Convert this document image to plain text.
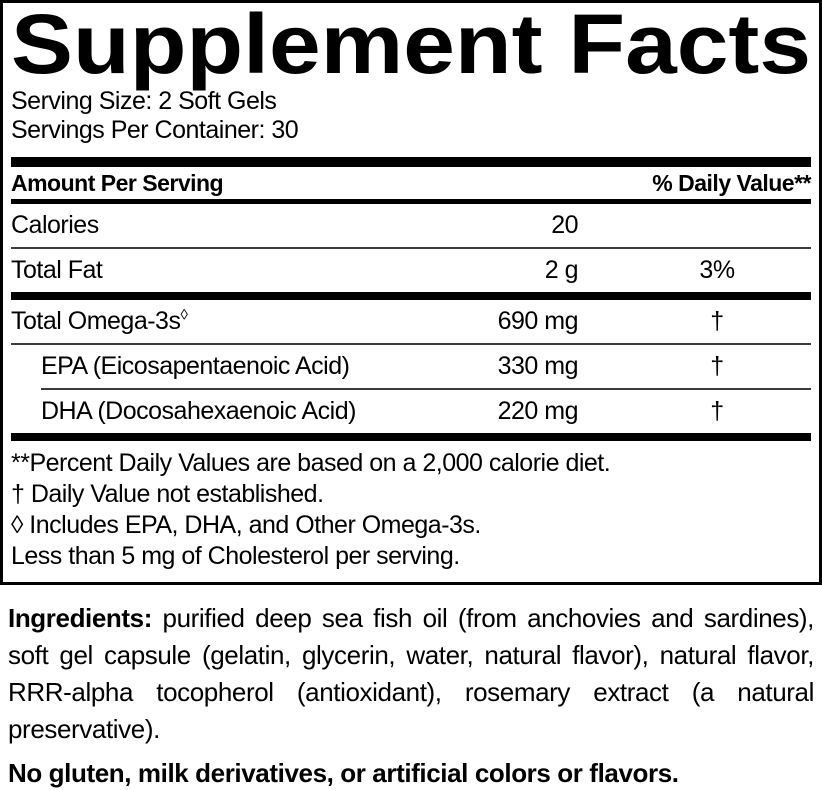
Supplement Facts
Serving Size: 2 Soft Gels
Servings Per Container: 30
Amount Per Serving	% Daily Value**
Calories	20
Total Fat	2 g	3%
Total Omega-3s◊	690 mg	†
EPA (Eicosapentaenoic Acid)	330 mg	†
DHA (Docosahexaenoic Acid)	220 mg	†
**Percent Daily Values are based on a 2,000 calorie diet.
† Daily Value not established.
◊ Includes EPA, DHA, and Other Omega-3s.
Less than 5 mg of Cholesterol per serving.

Ingredients: purified deep sea fish oil (from anchovies and sardines), soft gel capsule (gelatin, glycerin, water, natural flavor), natural flavor, RRR-alpha tocopherol (antioxidant), rosemary extract (a natural preservative).

No gluten, milk derivatives, or artificial colors or flavors.
